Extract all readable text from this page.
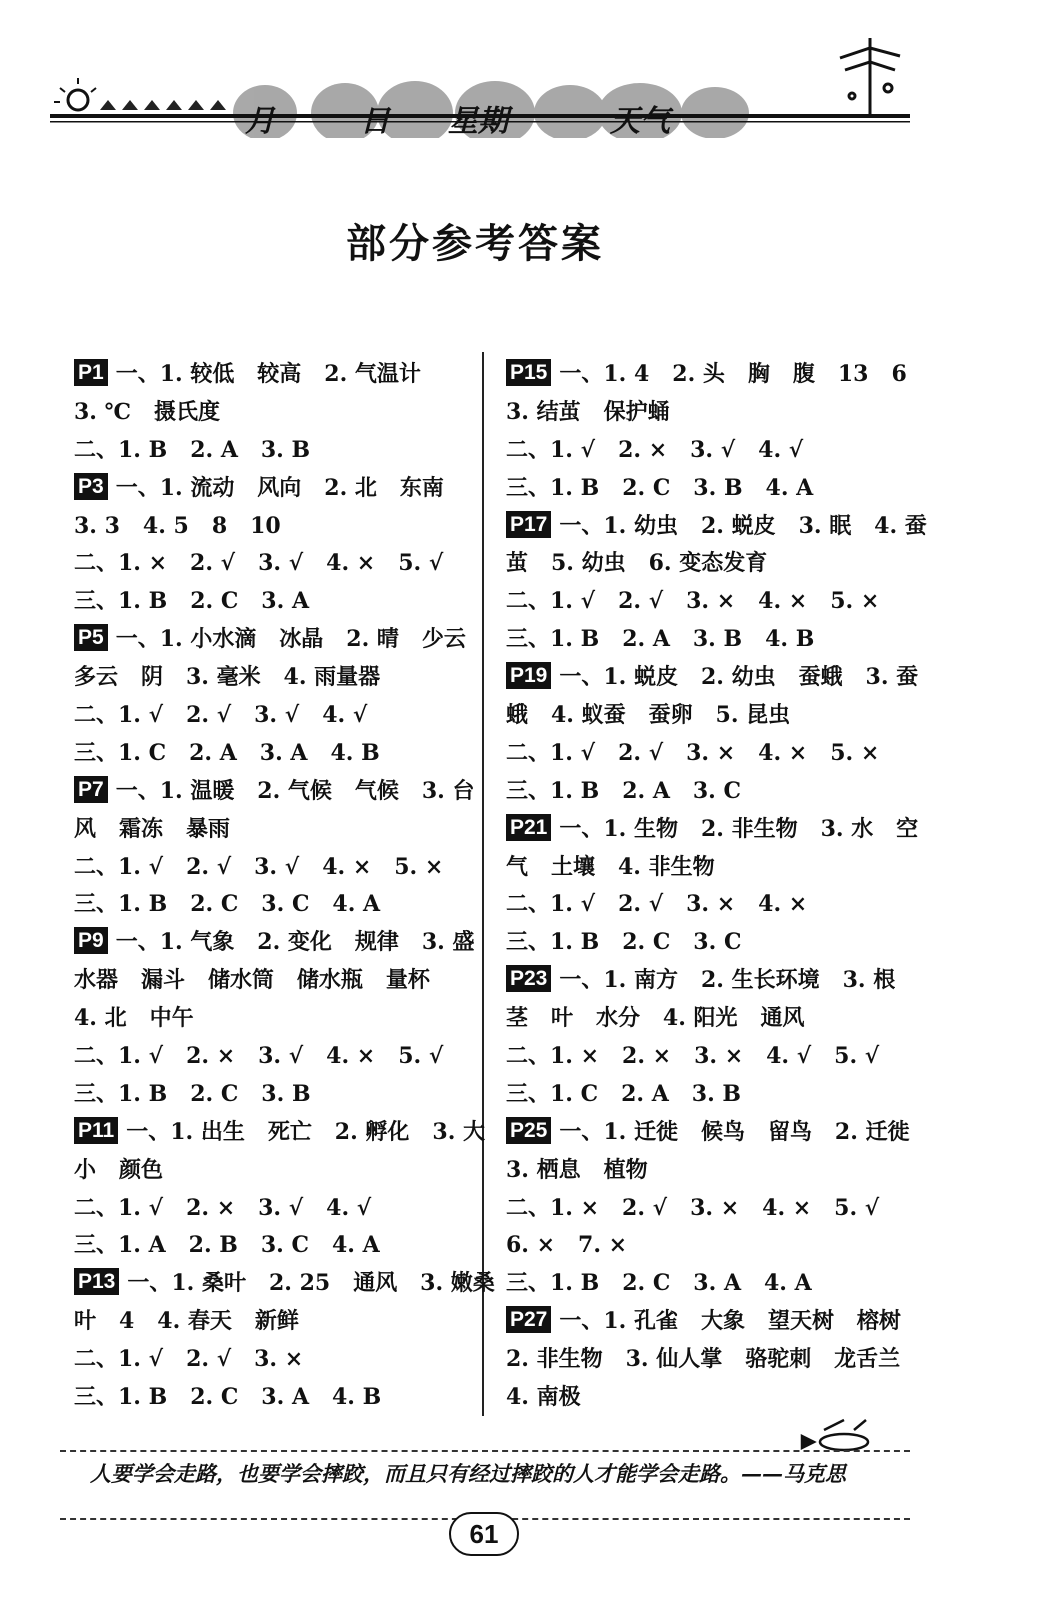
月	日 星期	天气
部分参考答案
P1 一、1. 较低   较高   2. 气温计
3. ℃   摄氏度
二、1. B   2. A   3. B
P3 一、1. 流动   风向   2. 北   东南
3. 3   4. 5   8   10
二、1. ×   2. √   3. √   4. ×   5. √
三、1. B   2. C   3. A
P5 一、1. 小水滴   冰晶   2. 晴   少云
多云   阴   3. 毫米   4. 雨量器
二、1. √   2. √   3. √   4. √
三、1. C   2. A   3. A   4. B
P7 一、1. 温暖   2. 气候   气候   3. 台
风   霜冻   暴雨
二、1. √   2. √   3. √   4. ×   5. ×
三、1. B   2. C   3. C   4. A
P9 一、1. 气象   2. 变化   规律   3. 盛
水器   漏斗   储水筒   储水瓶   量杯
4. 北   中午
二、1. √   2. ×   3. √   4. ×   5. √
三、1. B   2. C   3. B
P11 一、1. 出生   死亡   2. 孵化   3. 大
小   颜色
二、1. √   2. ×   3. √   4. √
三、1. A   2. B   3. C   4. A
P13 一、1. 桑叶   2. 25   通风   3. 嫩桑
叶   4   4. 春天   新鲜
二、1. √   2. √   3. ×
三、1. B   2. C   3. A   4. B
P15 一、1. 4   2. 头   胸   腹   13   6
3. 结茧   保护蛹
二、1. √   2. ×   3. √   4. √
三、1. B   2. C   3. B   4. A
P17 一、1. 幼虫   2. 蜕皮   3. 眠   4. 蚕
茧   5. 幼虫   6. 变态发育
二、1. √   2. √   3. ×   4. ×   5. ×
三、1. B   2. A   3. B   4. B
P19 一、1. 蜕皮   2. 幼虫   蚕蛾   3. 蚕
蛾   4. 蚁蚕   蚕卵   5. 昆虫
二、1. √   2. √   3. ×   4. ×   5. ×
三、1. B   2. A   3. C
P21 一、1. 生物   2. 非生物   3. 水   空
气   土壤   4. 非生物
二、1. √   2. √   3. ×   4. ×
三、1. B   2. C   3. C
P23 一、1. 南方   2. 生长环境   3. 根
茎   叶   水分   4. 阳光   通风
二、1. ×   2. ×   3. ×   4. √   5. √
三、1. C   2. A   3. B
P25 一、1. 迁徙   候鸟   留鸟   2. 迁徙
3. 栖息   植物
二、1. ×   2. √   3. ×   4. ×   5. √
6. ×   7. ×
三、1. B   2. C   3. A   4. A
P27 一、1. 孔雀   大象   望天树   榕树
2. 非生物   3. 仙人掌   骆驼刺   龙舌兰
4. 南极
人要学会走路，也要学会摔跤，而且只有经过摔跤的人才能学会走路。——马克思
61
